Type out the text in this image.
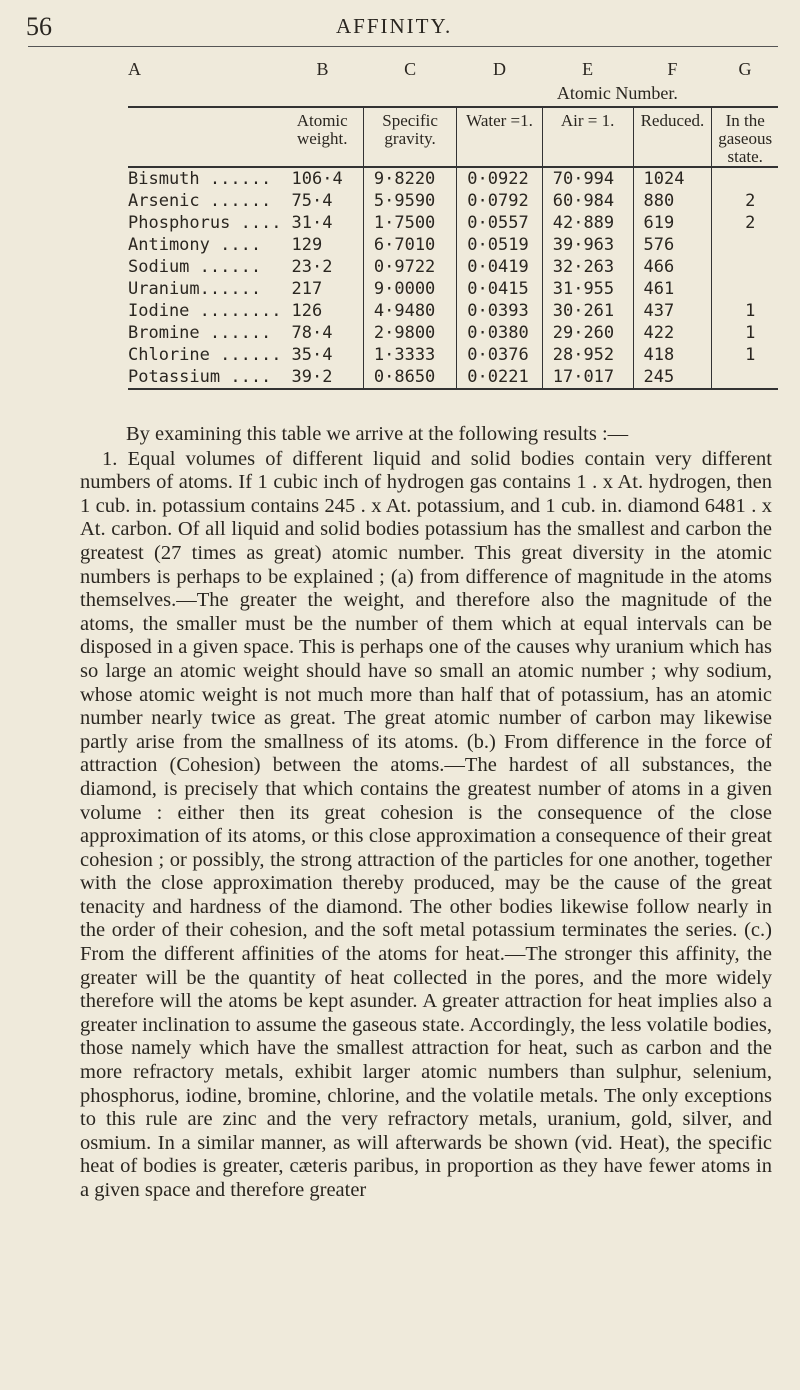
56	AFFINITY.
A	B	C	D	E	F	G
			Atomic Number.			
	Atomic weight.	Specific gravity.	Water =1.	Air = 1.	Reduced.	In the gaseous state.
Bismuth ......	106·4	9·8220	0·0922	70·994	1024	
Arsenic ......	75·4	5·9590	0·0792	60·984	880	2
Phosphorus ....	31·4	1·7500	0·0557	42·889	619	2
Antimony ....	129	6·7010	0·0519	39·963	576	
Sodium ......	23·2	0·9722	0·0419	32·263	466	
Uranium......	217	9·0000	0·0415	31·955	461	
Iodine ........	126	4·9480	0·0393	30·261	437	1
Bromine ......	78·4	2·9800	0·0380	29·260	422	1
Chlorine ......	35·4	1·3333	0·0376	28·952	418	1
Potassium ....	39·2	0·8650	0·0221	17·017	245	

By examining this table we arrive at the following results :—

1. Equal volumes of different liquid and solid bodies contain very different numbers of atoms. If 1 cubic inch of hydrogen gas contains 1 . x At. hydrogen, then 1 cub. in. potassium contains 245 . x At. potassium, and 1 cub. in. diamond 6481 . x At. carbon. Of all liquid and solid bodies potassium has the smallest and carbon the greatest (27 times as great) atomic number. This great diversity in the atomic numbers is perhaps to be explained ; (a) from difference of magnitude in the atoms themselves.—The greater the weight, and therefore also the magnitude of the atoms, the smaller must be the number of them which at equal intervals can be disposed in a given space. This is perhaps one of the causes why uranium which has so large an atomic weight should have so small an atomic number ; why sodium, whose atomic weight is not much more than half that of potassium, has an atomic number nearly twice as great. The great atomic number of carbon may likewise partly arise from the smallness of its atoms. (b.) From difference in the force of attraction (Cohesion) between the atoms.—The hardest of all substances, the diamond, is precisely that which contains the greatest number of atoms in a given volume : either then its great cohesion is the consequence of the close approximation of its atoms, or this close approximation a consequence of their great cohesion ; or possibly, the strong attraction of the particles for one another, together with the close approximation thereby produced, may be the cause of the great tenacity and hardness of the diamond. The other bodies likewise follow nearly in the order of their cohesion, and the soft metal potassium terminates the series. (c.) From the different affinities of the atoms for heat.—The stronger this affinity, the greater will be the quantity of heat collected in the pores, and the more widely therefore will the atoms be kept asunder. A greater attraction for heat implies also a greater inclination to assume the gaseous state. Accordingly, the less volatile bodies, those namely which have the smallest attraction for heat, such as carbon and the more refractory metals, exhibit larger atomic numbers than sulphur, selenium, phosphorus, iodine, bromine, chlorine, and the volatile metals. The only exceptions to this rule are zinc and the very refractory metals, uranium, gold, silver, and osmium. In a similar manner, as will afterwards be shown (vid. Heat), the specific heat of bodies is greater, cæteris paribus, in proportion as they have fewer atoms in a given space and therefore greater
